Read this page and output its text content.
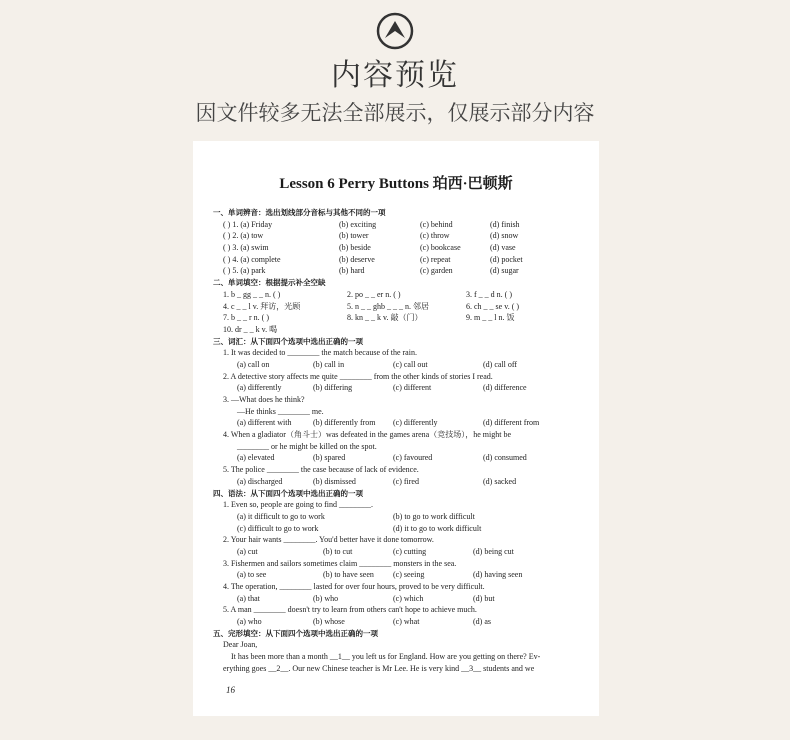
内容预览
因文件较多无法全部展示，仅展示部分内容
Lesson 6 Perry Buttons 珀西·巴顿斯
一、单词辨音：选出划线部分音标与其他不同的一项
( ) 1. (a) Friday	(b) exciting	(c) behind	(d) finish
( ) 2. (a) tow	(b) tower	(c) throw	(d) snow
( ) 3. (a) swim	(b) beside	(c) bookcase	(d) vase
( ) 4. (a) complete	(b) deserve	(c) repeat	(d) pocket
( ) 5. (a) park	(b) hard	(c) garden	(d) sugar
二、单词填空：根据提示补全空缺
1. b _ gg _ _ n. ( )	2. po _ _ er n. ( )	3. f _ _ d n. ( )
4. c _ _ l v. 拜访，光顾	5. n _ _ ghb _ _ _ n. 邻居	6. ch _ _ se v. ( )
7. b _ _ r n. ( )	8. kn _ _ k v. 敲（门）	9. m _ _ l n. 饭
10. dr _ _ k v. 喝
三、词汇：从下面四个选项中选出正确的一项
1. It was decided to ________ the match because of the rain.
(a) call on	(b) call in	(c) call out	(d) call off
2. A detective story affects me quite ________ from the other kinds of stories I read.
(a) differently	(b) differing	(c) different	(d) difference
3. —What does he think?
—He thinks ________ me.
(a) different with	(b) differently from (c) differently	(d) different from
4. When a gladiator（角斗士）was defeated in the games arena（竞技场），he might be
________ or he might be killed on the spot.
(a) elevated	(b) spared	(c) favoured	(d) consumed
5. The police ________ the case because of lack of evidence.
(a) discharged	(b) dismissed	(c) fired	(d) sacked
四、语法：从下面四个选项中选出正确的一项
1. Even so, people are going to find ________.
(a) it difficult to go to work	(b) to go to work difficult
(c) difficult to go to work	(d) it to go to work difficult
2. Your hair wants ________. You'd better have it done tomorrow.
(a) cut	(b) to cut	(c) cutting	(d) being cut
3. Fishermen and sailors sometimes claim ________ monsters in the sea.
(a) to see	(b) to have seen (c) seeing	(d) having seen
4. The operation, ________ lasted for over four hours, proved to be very difficult.
(a) that	(b) who	(c) which	(d) but
5. A man ________ doesn't try to learn from others can't hope to achieve much.
(a) who	(b) whose	(c) what	(d) as
五、完形填空：从下面四个选项中选出正确的一项
Dear Joan,
It has been more than a month __1__ you left us for England. How are you getting on there? Ev-
erything goes __2__. Our new Chinese teacher is Mr Lee. He is very kind __3__ students and we
16
